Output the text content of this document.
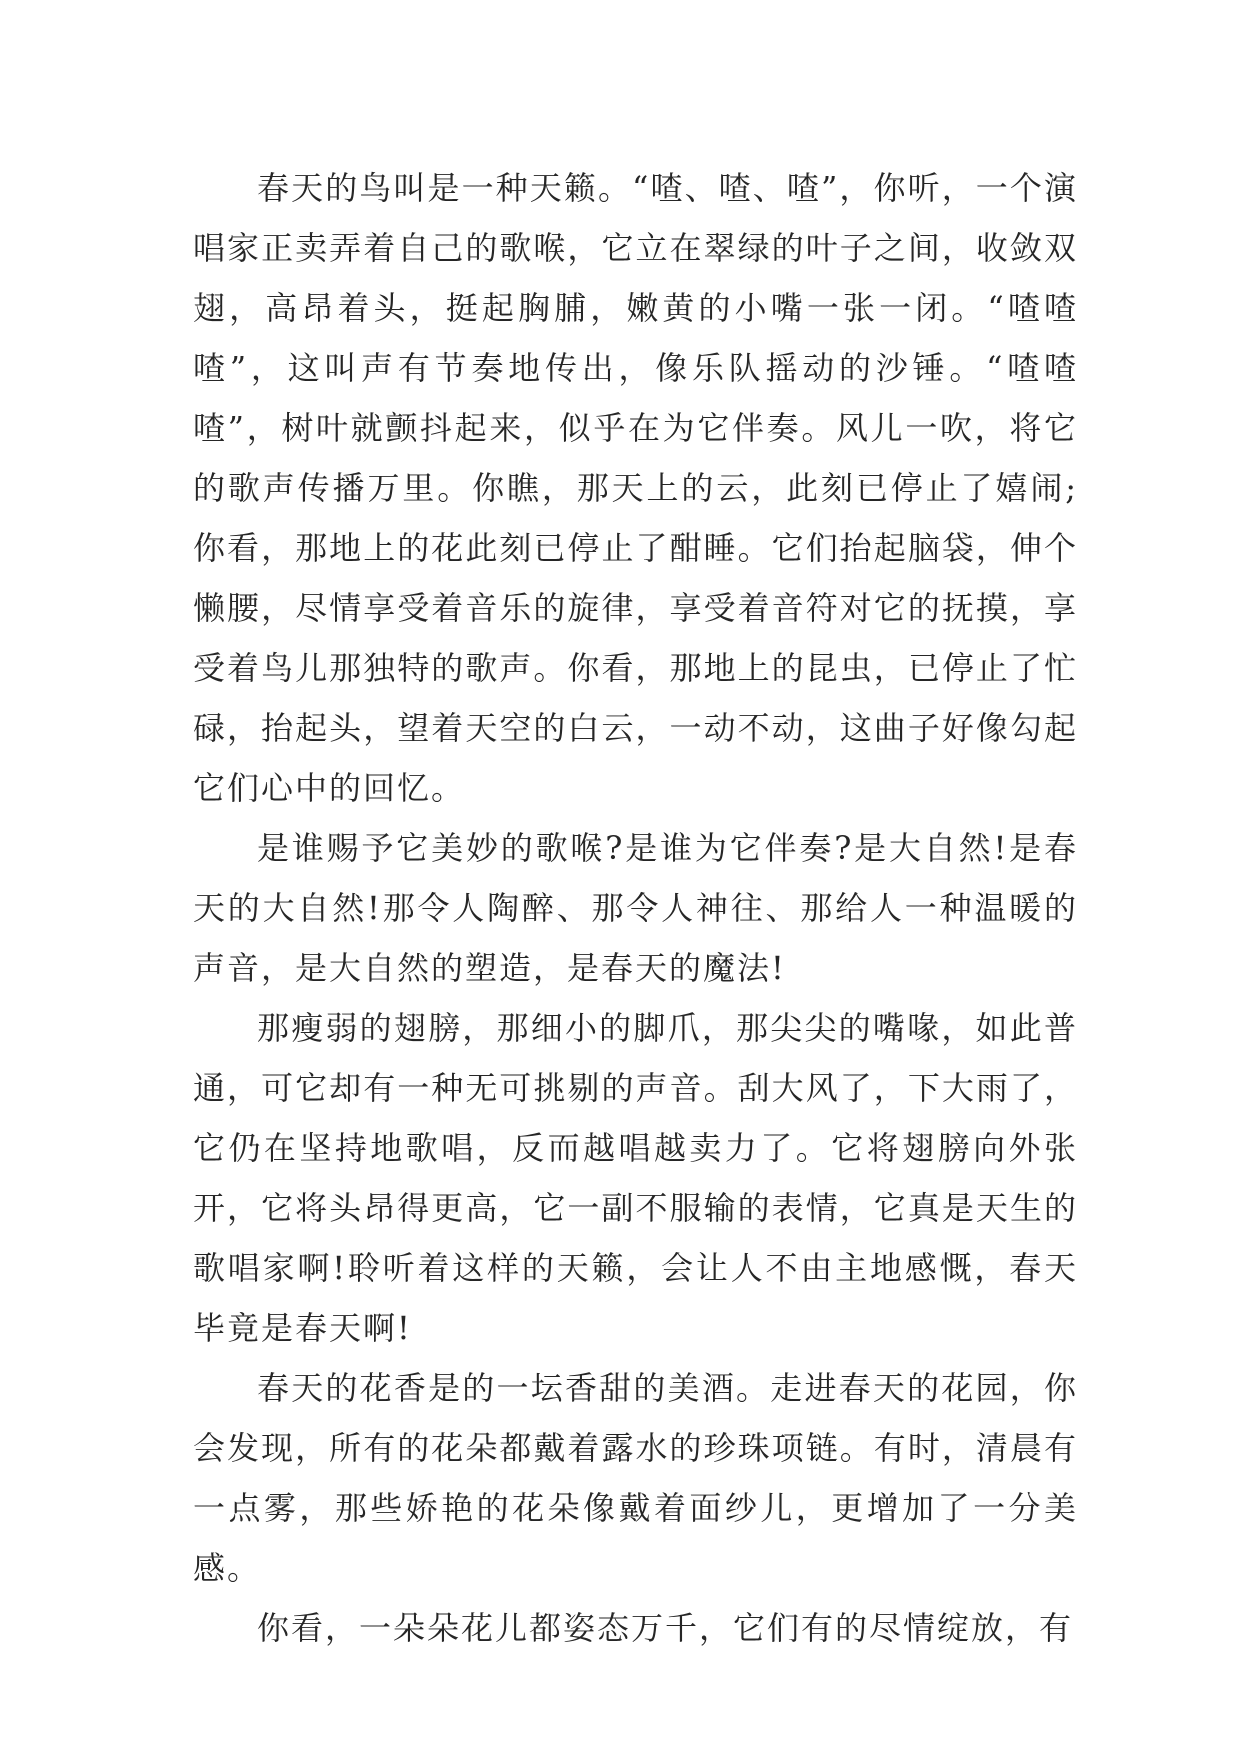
春天的鸟叫是一种天籁。“喳、喳、喳”，你听，一个演唱家正卖弄着自己的歌喉，它立在翠绿的叶子之间，收敛双翅，高昂着头，挺起胸脯，嫩黄的小嘴一张一闭。“喳喳喳”，这叫声有节奏地传出，像乐队摇动的沙锤。“喳喳喳”，树叶就颤抖起来，似乎在为它伴奏。风儿一吹，将它的歌声传播万里。你瞧，那天上的云，此刻已停止了嬉闹;你看，那地上的花此刻已停止了酣睡。它们抬起脑袋，伸个懒腰，尽情享受着音乐的旋律，享受着音符对它的抚摸，享受着鸟儿那独特的歌声。你看，那地上的昆虫，已停止了忙碌，抬起头，望着天空的白云，一动不动，这曲子好像勾起它们心中的回忆。

是谁赐予它美妙的歌喉?是谁为它伴奏?是大自然!是春天的大自然!那令人陶醉、那令人神往、那给人一种温暖的声音，是大自然的塑造，是春天的魔法!

那瘦弱的翅膀，那细小的脚爪，那尖尖的嘴喙，如此普通，可它却有一种无可挑剔的声音。刮大风了，下大雨了，它仍在坚持地歌唱，反而越唱越卖力了。它将翅膀向外张开，它将头昂得更高，它一副不服输的表情，它真是天生的歌唱家啊!聆听着这样的天籁，会让人不由主地感慨，春天毕竟是春天啊!

春天的花香是的一坛香甜的美酒。走进春天的花园，你会发现，所有的花朵都戴着露水的珍珠项链。有时，清晨有一点雾，那些娇艳的花朵像戴着面纱儿，更增加了一分美感。

你看，一朵朵花儿都姿态万千，它们有的尽情绽放，有
